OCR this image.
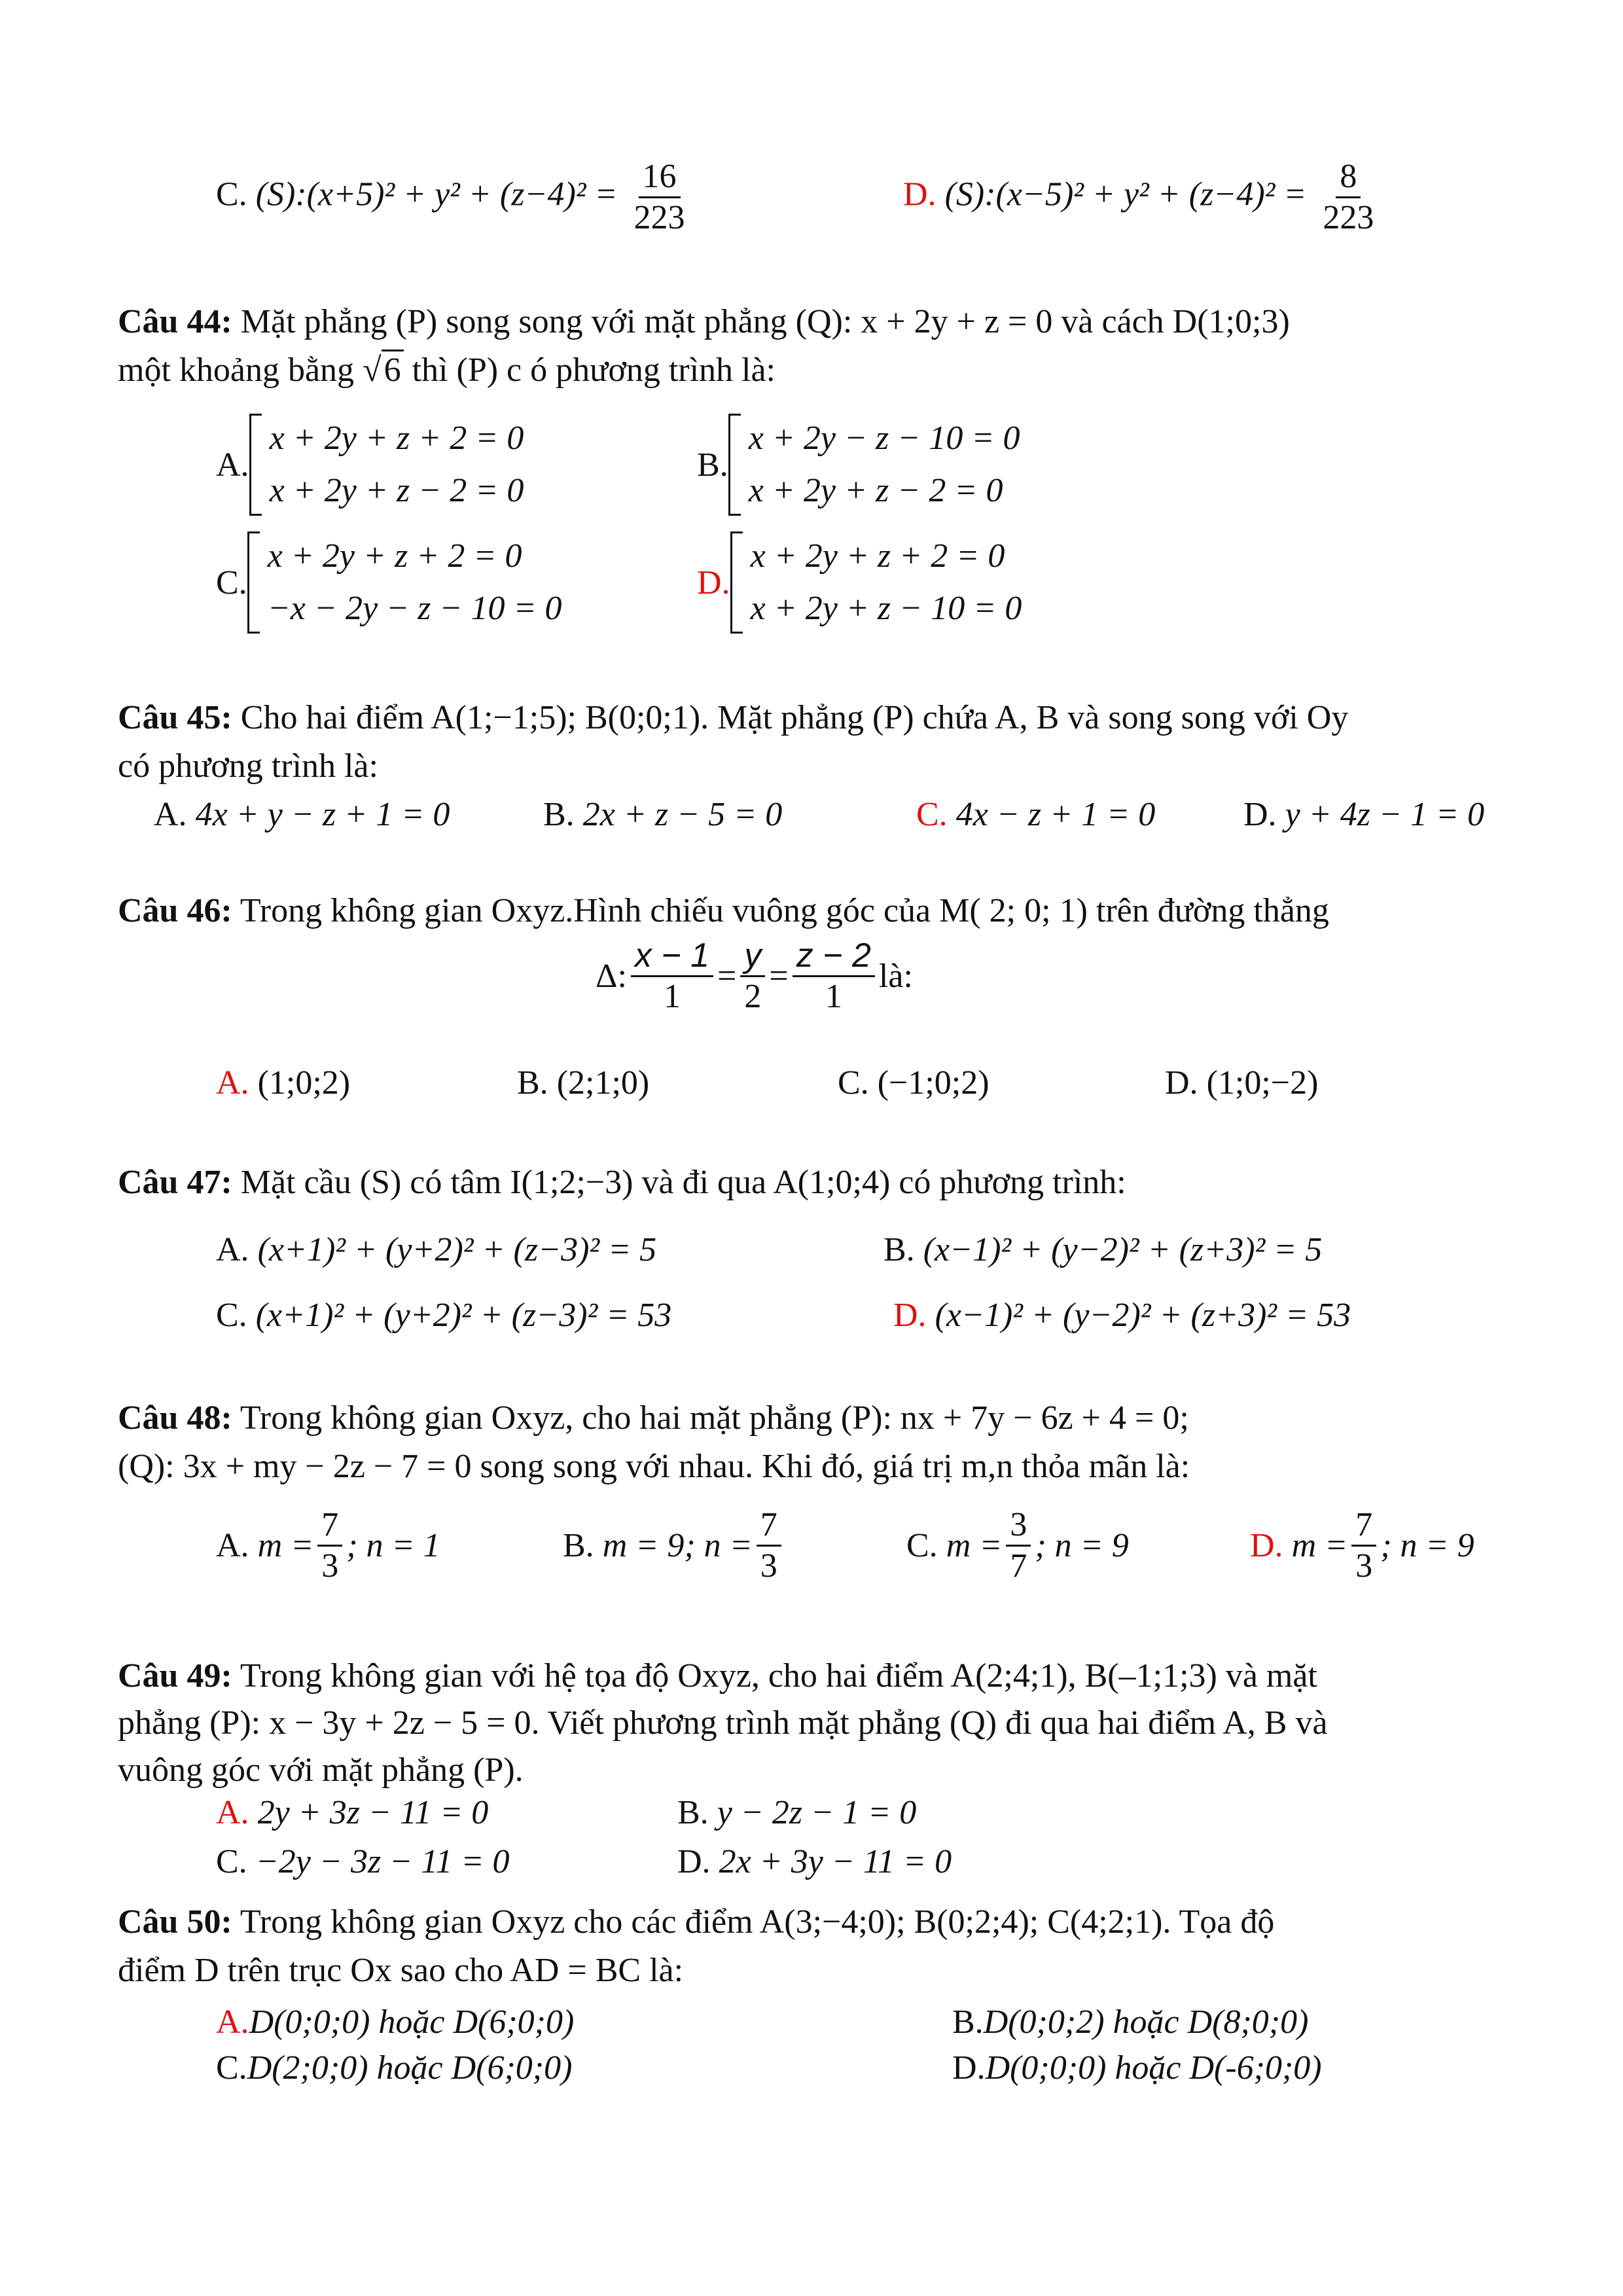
C. (S):(x+5)² + $y^2 + (z-4)^2 = \frac{16}{223}$	D. (S):(x−5)² + $y^2 + (z-4)^2 = \frac{8}{223}$
Câu 44: Mặt phẳng (P) song song với mặt phẳng (Q): x + 2y + z = 0 và cách D(1;0;3)
một khoảng bằng √6 thì (P) c ó phương trình là:
A.
x + 2y + z + 2 = 0
x + 2y + z − 2 = 0
B.
x + 2y − z − 10 = 0
x + 2y + z − 2 = 0
C.
x + 2y + z + 2 = 0
−x − 2y − z − 10 = 0
D.
x + 2y + z + 2 = 0
x + 2y + z − 10 = 0
Câu 45: Cho hai điểm A(1;−1;5); B(0;0;1). Mặt phẳng (P) chứa A, B và song song với Oy
có phương trình là:
A. 4x + y − z + 1 = 0	B. 2x + z − 5 = 0	C. 4x − z + 1 = 0	D. y + 4z − 1 = 0
Câu 46: Trong không gian Oxyz.Hình chiếu vuông góc của M( 2; 0; 1) trên đường thẳng
Δ: $\frac{x - 1}{1} = \frac{y}{2} = \frac{z - 2}{1}$ là:
A. (1;0;2)	B. (2;1;0)	C. (−1;0;2)	D. (1;0;−2)
Câu 47: Mặt cầu (S) có tâm I(1;2;−3) và đi qua A(1;0;4) có phương trình:
A. (x+1)² + (y+2)² + (z−3)² = 5	B. (x−1)² + (y−2)² + (z+3)² = 5
C. (x+1)² + (y+2)² + (z−3)² = 53	D. (x−1)² + (y−2)² + (z+3)² = 53
Câu 48: Trong không gian Oxyz, cho hai mặt phẳng (P): nx + 7y − 6z + 4 = 0;
(Q): 3x + my − 2z − 7 = 0 song song với nhau. Khi đó, giá trị m,n thỏa mãn là:
A.
$m = \frac{7}{3}$ ; n = 1	B.
m = 9; $n = \frac{7}{3}$	C.
$m = \frac{3}{7}$ ; n = 9	D.
$m = \frac{7}{3}$ ; n = 9
Câu 49: Trong không gian với hệ tọa độ Oxyz, cho hai điểm A(2;4;1), B(–1;1;3) và mặt
phẳng (P): x − 3y + 2z − 5 = 0. Viết phương trình mặt phẳng (Q) đi qua hai điểm A, B và
vuông góc với mặt phẳng (P).
A. 2y + 3z − 11 = 0	B. y − 2z − 1 = 0
C. −2y − 3z − 11 = 0	D. 2x + 3y − 11 = 0
Câu 50: Trong không gian Oxyz cho các điểm A(3;−4;0); B(0;2;4); C(4;2;1). Tọa độ
điểm D trên trục Ox sao cho AD = BC là:
A.D(0;0;0) hoặc D(6;0;0)	B.D(0;0;2) hoặc D(8;0;0)
C.D(2;0;0) hoặc D(6;0;0)	D.D(0;0;0) hoặc D(-6;0;0)
